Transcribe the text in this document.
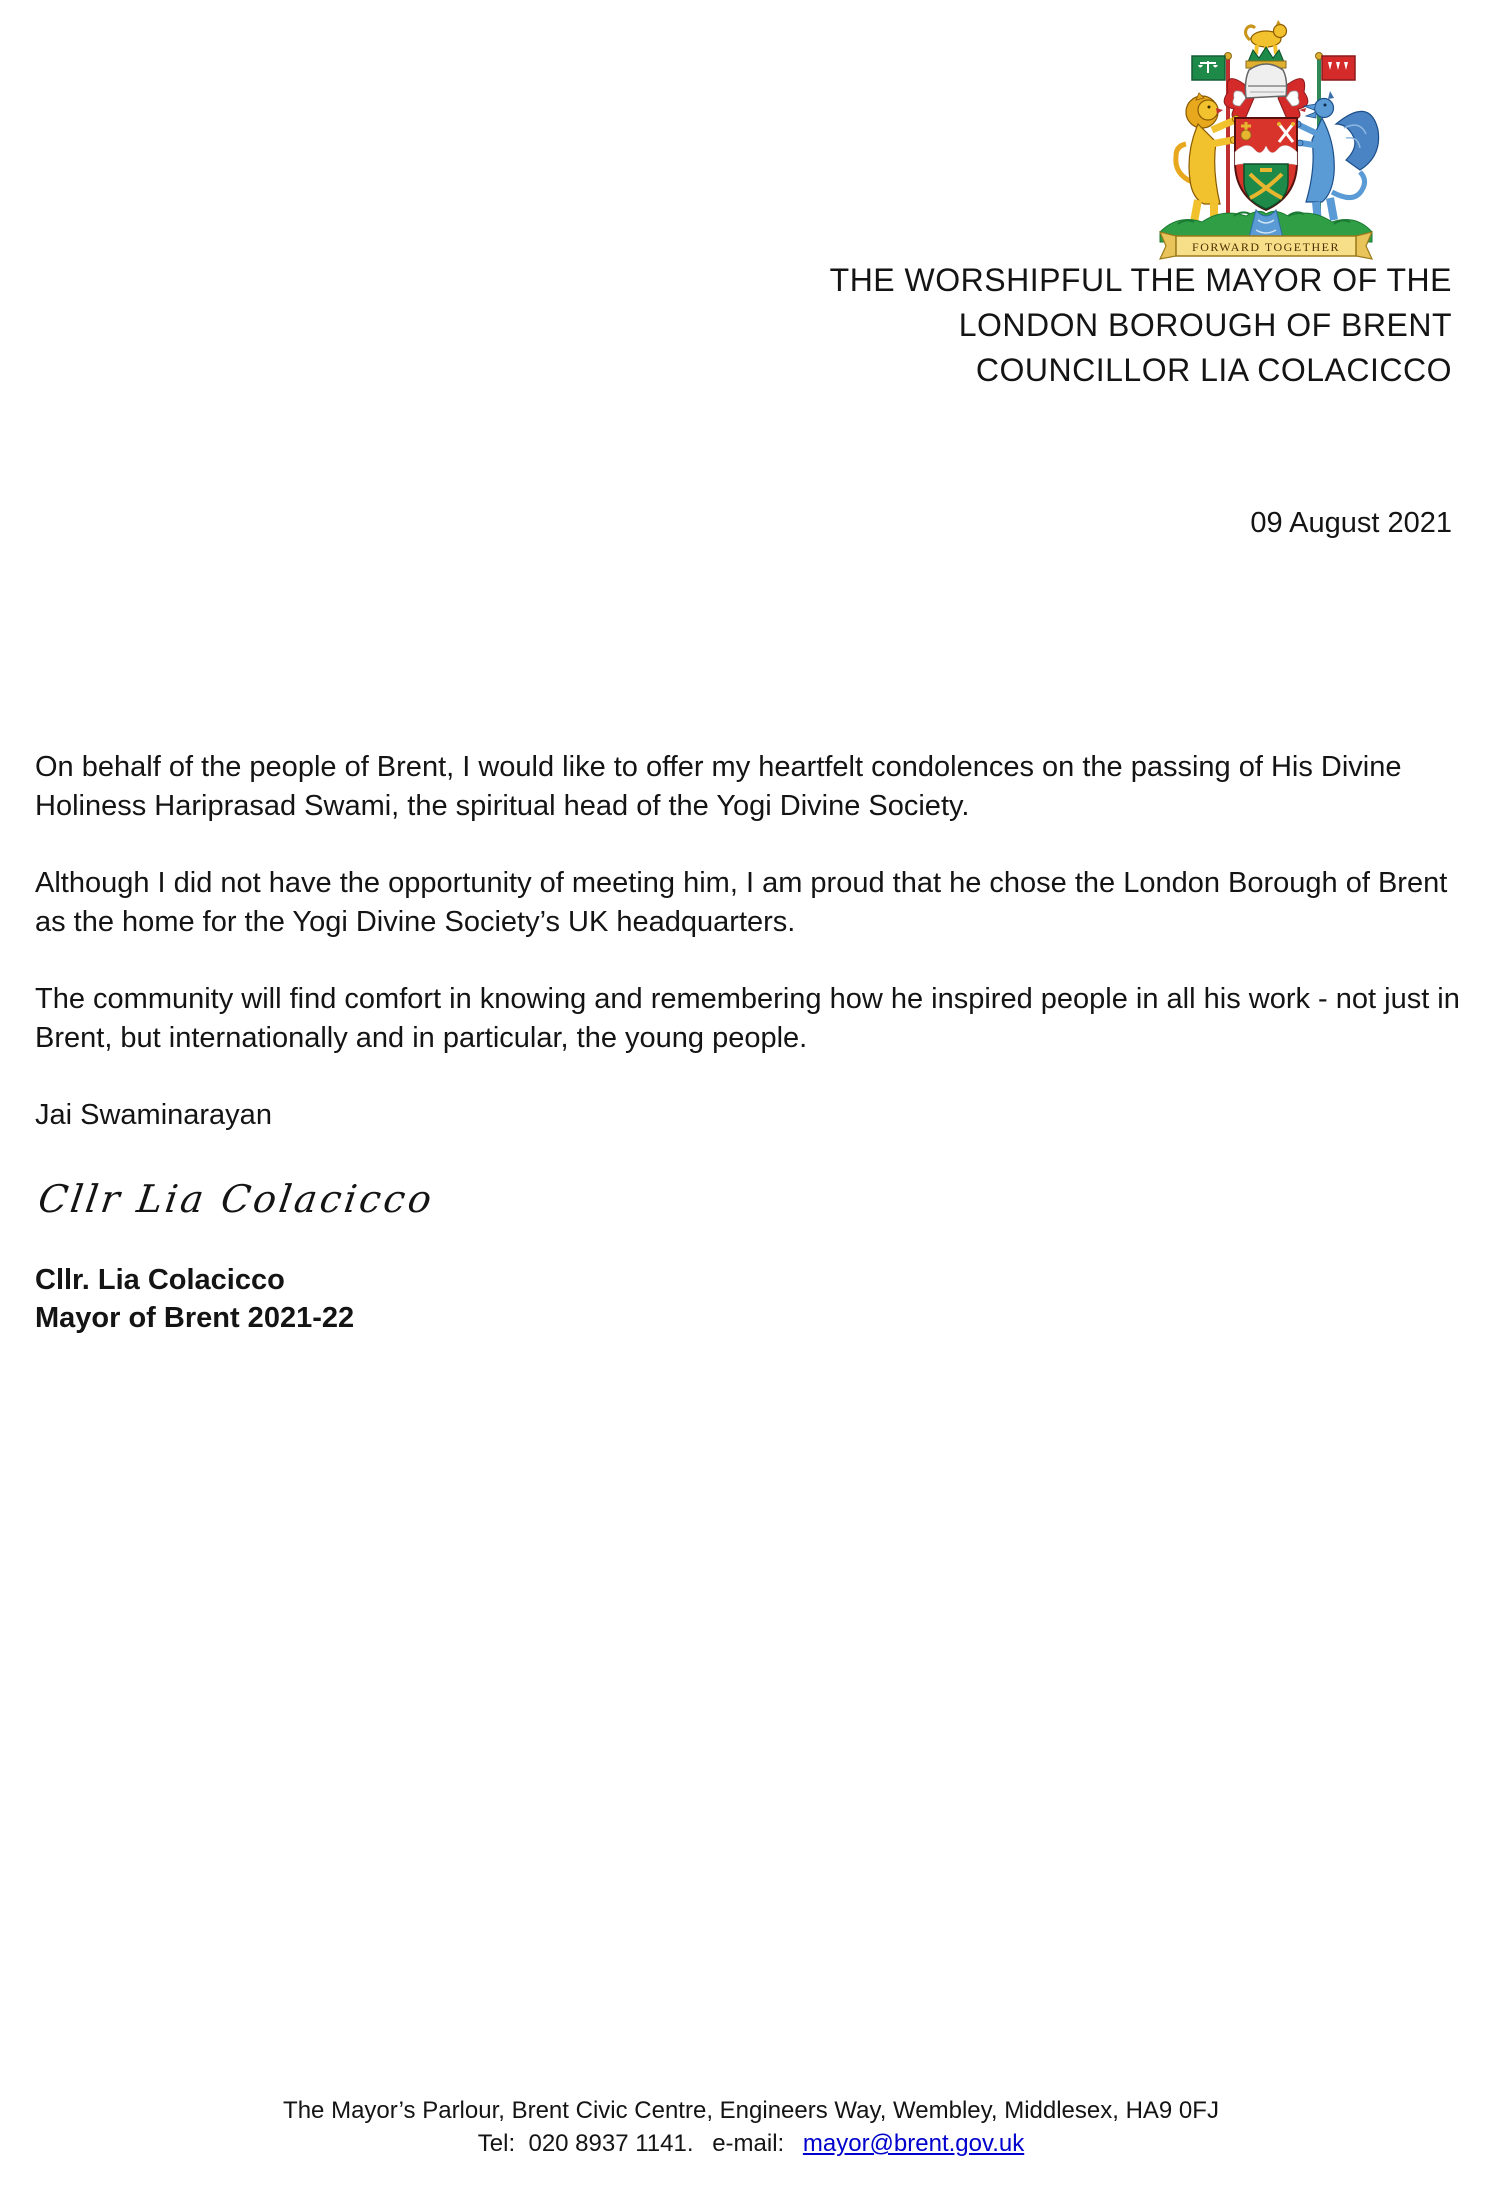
FORWARD TOGETHER
THE WORSHIPFUL THE MAYOR OF THE
LONDON BOROUGH OF BRENT
COUNCILLOR LIA COLACICCO
09 August 2021

On behalf of the people of Brent, I would like to offer my heartfelt condolences on the passing of His Divine Holiness Hariprasad Swami, the spiritual head of the Yogi Divine Society.

Although I did not have the opportunity of meeting him, I am proud that he chose the London Borough of Brent as the home for the Yogi Divine Society’s UK headquarters.

The community will find comfort in knowing and remembering how he inspired people in all his work - not just in Brent, but internationally and in particular, the young people.

Jai Swaminarayan

Cllr Lia Colacicco

Cllr. Lia Colacicco
Mayor of Brent 2021-22
The Mayor’s Parlour, Brent Civic Centre, Engineers Way, Wembley, Middlesex, HA9 0FJ
Tel:  020 8937 1141. e-mail: mayor@brent.gov.uk
